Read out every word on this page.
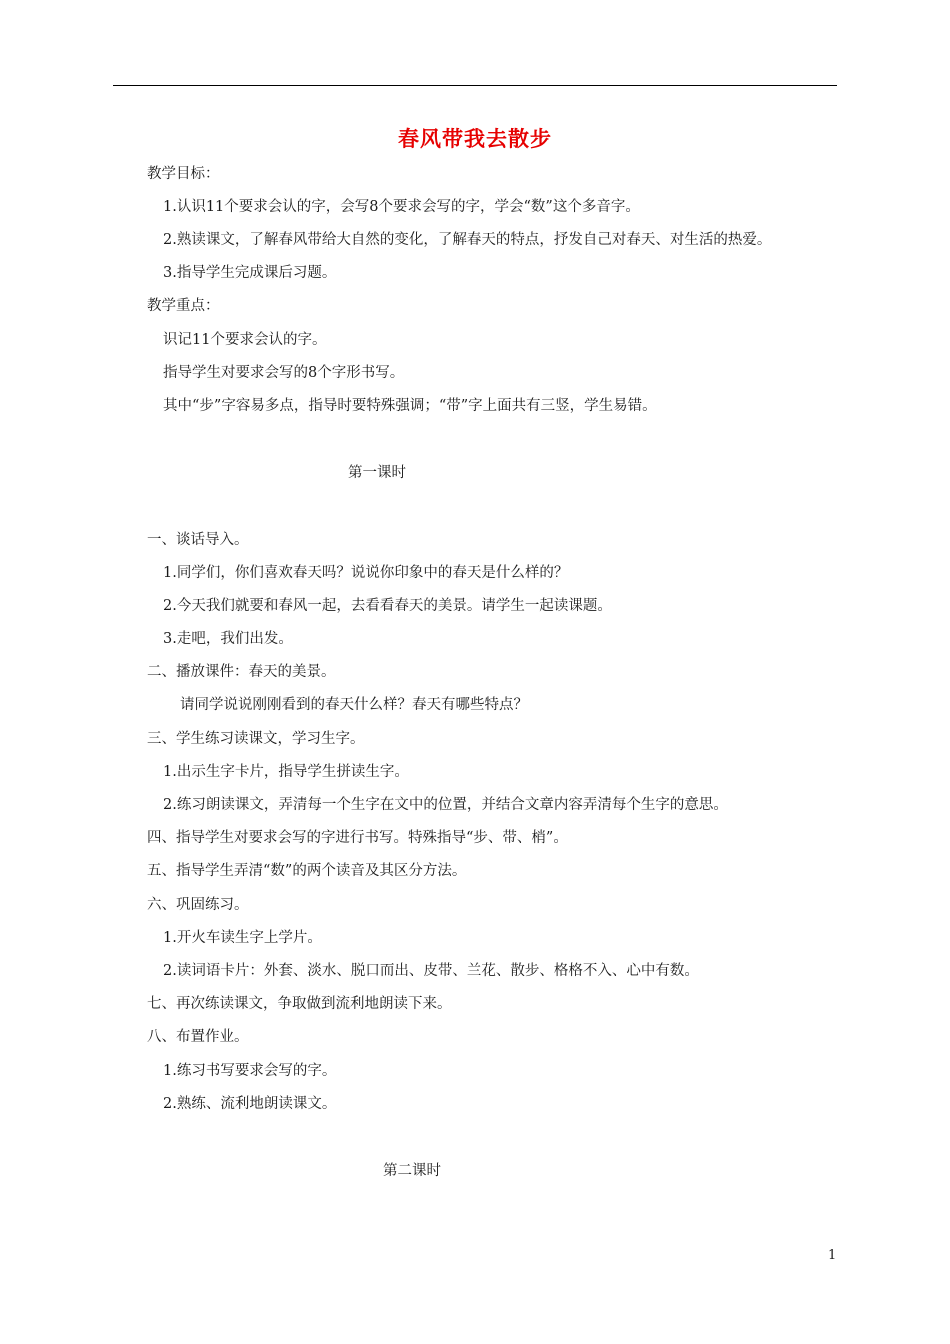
春风带我去散步
教学目标：
1.认识11个要求会认的字，会写8个要求会写的字，学会“数”这个多音字。
2.熟读课文，了解春风带给大自然的变化，了解春天的特点，抒发自己对春天、对生活的热爱。
3.指导学生完成课后习题。
教学重点：
识记11个要求会认的字。
指导学生对要求会写的8个字形书写。
其中“步”字容易多点，指导时要特殊强调；“带”字上面共有三竖，学生易错。
第一课时
一、谈话导入。
1.同学们，你们喜欢春天吗？说说你印象中的春天是什么样的？
2.今天我们就要和春风一起，去看看春天的美景。请学生一起读课题。
3.走吧，我们出发。
二、播放课件：春天的美景。
请同学说说刚刚看到的春天什么样？春天有哪些特点？
三、学生练习读课文，学习生字。
1.出示生字卡片，指导学生拼读生字。
2.练习朗读课文，弄清每一个生字在文中的位置，并结合文章内容弄清每个生字的意思。
四、指导学生对要求会写的字进行书写。特殊指导“步、带、梢”。
五、指导学生弄清“数”的两个读音及其区分方法。
六、巩固练习。
1.开火车读生字上学片。
2.读词语卡片：外套、淡水、脱口而出、皮带、兰花、散步、格格不入、心中有数。
七、再次练读课文，争取做到流利地朗读下来。
八、布置作业。
1.练习书写要求会写的字。
2.熟练、流利地朗读课文。
第二课时
1
